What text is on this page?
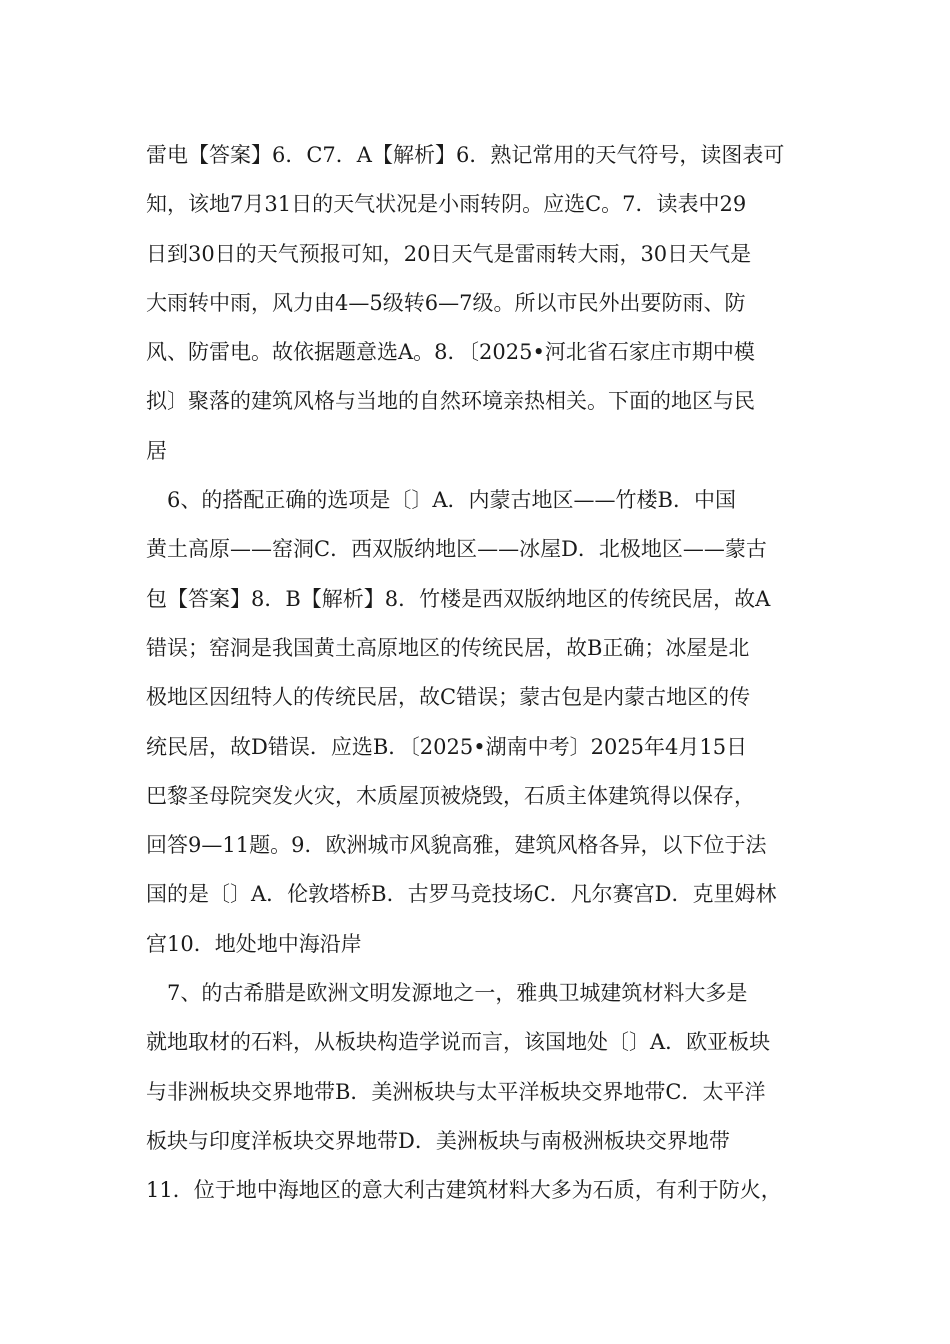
雷电【答案】6．C7．A【解析】6．熟记常用的天气符号，读图表可
知，该地7月31日的天气状况是小雨转阴。应选C。7．读表中29
日到30日的天气预报可知，20日天气是雷雨转大雨，30日天气是
大雨转中雨，风力由4—5级转6—7级。所以市民外出要防雨、防
风、防雷电。故依据题意选A。8．〔2025•河北省石家庄市期中模
拟〕聚落的建筑风格与当地的自然环境亲热相关。下面的地区与民
居
　6、的搭配正确的选项是〔〕A．内蒙古地区——竹楼B．中国
黄土高原——窑洞C．西双版纳地区——冰屋D．北极地区——蒙古
包【答案】8．B【解析】8．竹楼是西双版纳地区的传统民居，故A
错误；窑洞是我国黄土高原地区的传统民居，故B正确；冰屋是北
极地区因纽特人的传统民居，故C错误；蒙古包是内蒙古地区的传
统民居，故D错误．应选B．〔2025•湖南中考〕2025年4月15日
巴黎圣母院突发火灾，木质屋顶被烧毁，石质主体建筑得以保存，
回答9—11题。9．欧洲城市风貌高雅，建筑风格各异，以下位于法
国的是〔〕A．伦敦塔桥B．古罗马竞技场C．凡尔赛宫D．克里姆林
宫10．地处地中海沿岸
　7、的古希腊是欧洲文明发源地之一，雅典卫城建筑材料大多是
就地取材的石料，从板块构造学说而言，该国地处〔〕A．欧亚板块
与非洲板块交界地带B．美洲板块与太平洋板块交界地带C．太平洋
板块与印度洋板块交界地带D．美洲板块与南极洲板块交界地带
11．位于地中海地区的意大利古建筑材料大多为石质，有利于防火，
